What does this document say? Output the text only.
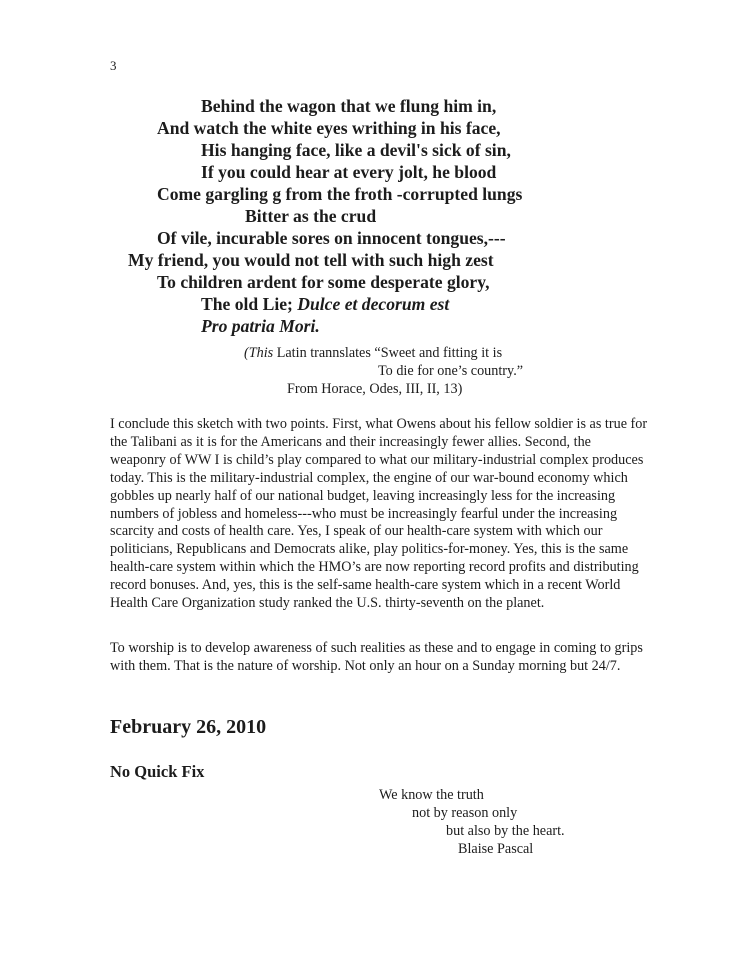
3
Behind the wagon that we flung him in,
And watch the white eyes writhing in his face,
His hanging face, like a devil's sick of sin,
If you could hear at every jolt, he blood
Come gargling g from the froth -corrupted lungs
Bitter as the crud
Of vile, incurable sores on innocent tongues,---
My friend, you would not tell with such high zest
To children ardent for some desperate glory,
The old Lie; Dulce et decorum est
Pro patria Mori.
(This Latin trannslates “Sweet and fitting it is
To die for one’s country.”
From Horace, Odes, III, II, 13)

I conclude this sketch with two points. First, what Owens about his fellow soldier is as true for the Talibani as it is for the Americans and their increasingly fewer allies. Second, the weaponry of WW I is child’s play compared to what our military-industrial complex produces today. This is the military-industrial complex, the engine of our war-bound economy which gobbles up nearly half of our national budget, leaving increasingly less for the increasing numbers of jobless and homeless---who must be increasingly fearful under the increasing scarcity and costs of health care. Yes, I speak of our health-care system with which our politicians, Republicans and Democrats alike, play politics-for-money. Yes, this is the same health-care system within which the HMO’s are now reporting record profits and distributing record bonuses. And, yes, this is the self-same health-care system which in a recent World Health Care Organization study ranked the U.S. thirty-seventh on the planet.

To worship is to develop awareness of such realities as these and to engage in coming to grips with them. That is the nature of worship. Not only an hour on a Sunday morning but 24/7.

February 26, 2010
No Quick Fix
We know the truth
not by reason only
but also by the heart.
Blaise Pascal
